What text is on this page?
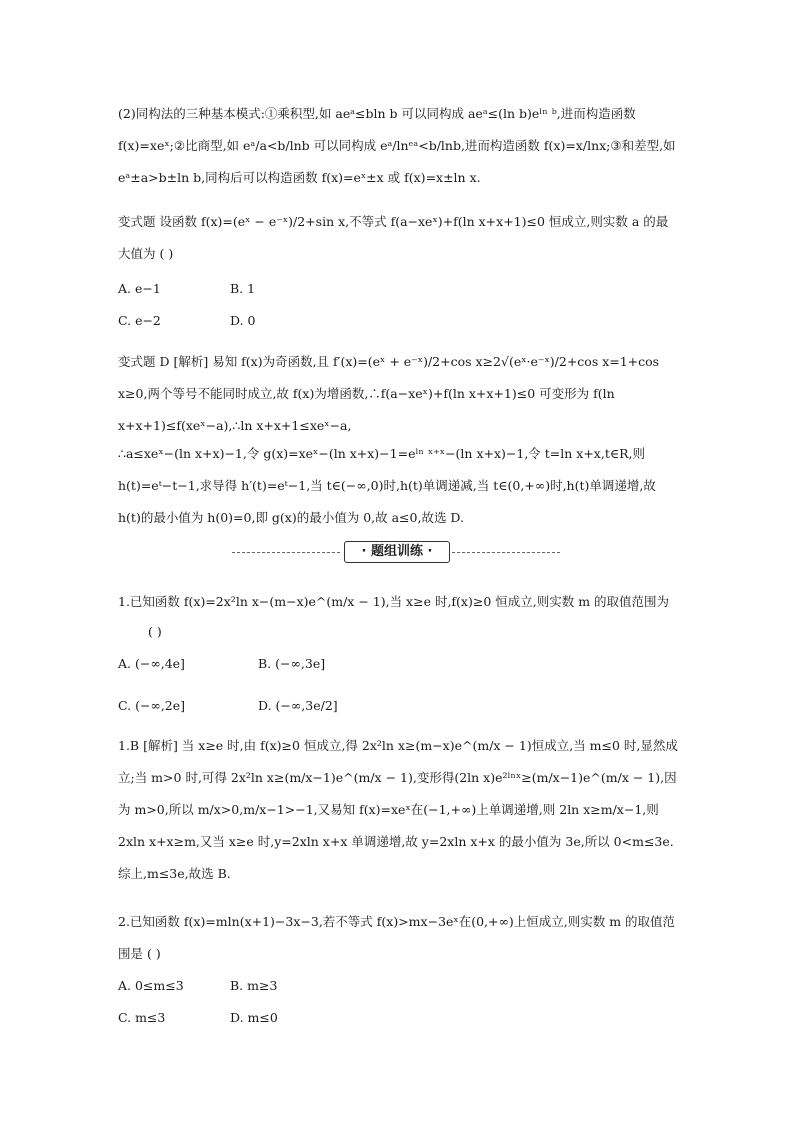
(2)同构法的三种基本模式:①乘积型,如 aeᵃ≤bln b 可以同构成 aeᵃ≤(ln b)eˡⁿ ᵇ,进而构造函数 f(x)=xeˣ;②比商型,如 eᵃ/a<b/lnb 可以同构成 eᵃ/lnᵉᵃ<b/lnb,进而构造函数 f(x)=x/lnx;③和差型,如 eᵃ±a>b±ln b,同构后可以构造函数 f(x)=eˣ±x 或 f(x)=x±ln x.

变式题 设函数 f(x)=(eˣ − e⁻ˣ)/2+sin x,不等式 f(a−xeˣ)+f(ln x+x+1)≤0 恒成立,则实数 a 的最大值为 ( )

A. e−1	B. 1
C. e−2	D. 0

变式题 D [解析] 易知 f(x)为奇函数,且 f′(x)=(eˣ + e⁻ˣ)/2+cos x≥2√(eˣ·e⁻ˣ)/2+cos x=1+cos x≥0,两个等号不能同时成立,故 f(x)为增函数,∴f(a−xeˣ)+f(ln x+x+1)≤0 可变形为 f(ln x+x+1)≤f(xeˣ−a),∴ln x+x+1≤xeˣ−a,

∴a≤xeˣ−(ln x+x)−1,令 g(x)=xeˣ−(ln x+x)−1=eˡⁿ ˣ⁺ˣ−(ln x+x)−1,令 t=ln x+x,t∈R,则 h(t)=eᵗ−t−1,求导得 h′(t)=eᵗ−1,当 t∈(−∞,0)时,h(t)单调递减,当 t∈(0,+∞)时,h(t)单调递增,故 h(t)的最小值为 h(0)=0,即 g(x)的最小值为 0,故 a≤0,故选 D.

· 题组训练 ·

1.已知函数 f(x)=2x²ln x−(m−x)e^(m/x − 1),当 x≥e 时,f(x)≥0 恒成立,则实数 m 的取值范围为

( )
A. (−∞,4e]	B. (−∞,3e]
C. (−∞,2e]	D. (−∞,3e/2]

1.B [解析] 当 x≥e 时,由 f(x)≥0 恒成立,得 2x²ln x≥(m−x)e^(m/x − 1)恒成立,当 m≤0 时,显然成立;当 m>0 时,可得 2x²ln x≥(m/x−1)e^(m/x − 1),变形得(2ln x)e²ˡⁿˣ≥(m/x−1)e^(m/x − 1),因为 m>0,所以 m/x>0,m/x−1>−1,又易知 f(x)=xeˣ在(−1,+∞)上单调递增,则 2ln x≥m/x−1,则 2xln x+x≥m,又当 x≥e 时,y=2xln x+x 单调递增,故 y=2xln x+x 的最小值为 3e,所以 0<m≤3e.综上,m≤3e,故选 B.

2.已知函数 f(x)=mln(x+1)−3x−3,若不等式 f(x)>mx−3eˣ在(0,+∞)上恒成立,则实数 m 的取值范围是 ( )

A. 0≤m≤3	B. m≥3
C. m≤3	D. m≤0
